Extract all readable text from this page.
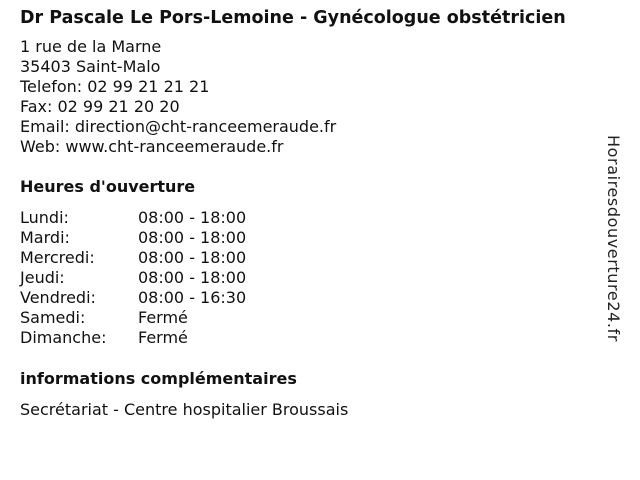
Dr Pascale Le Pors-Lemoine - Gynécologue obstétricien
1 rue de la Marne
35403 Saint-Malo
Telefon: 02 99 21 21 21
Fax: 02 99 21 20 20
Email: direction@cht-ranceemeraude.fr
Web: www.cht-ranceemeraude.fr
Heures d'ouverture
Lundi:	08:00 - 18:00
Mardi:	08:00 - 18:00
Mercredi:	08:00 - 18:00
Jeudi:	08:00 - 18:00
Vendredi:	08:00 - 16:30
Samedi:	Fermé
Dimanche:	Fermé
informations complémentaires
Secrétariat - Centre hospitalier Broussais
Horairesdouverture24.fr
